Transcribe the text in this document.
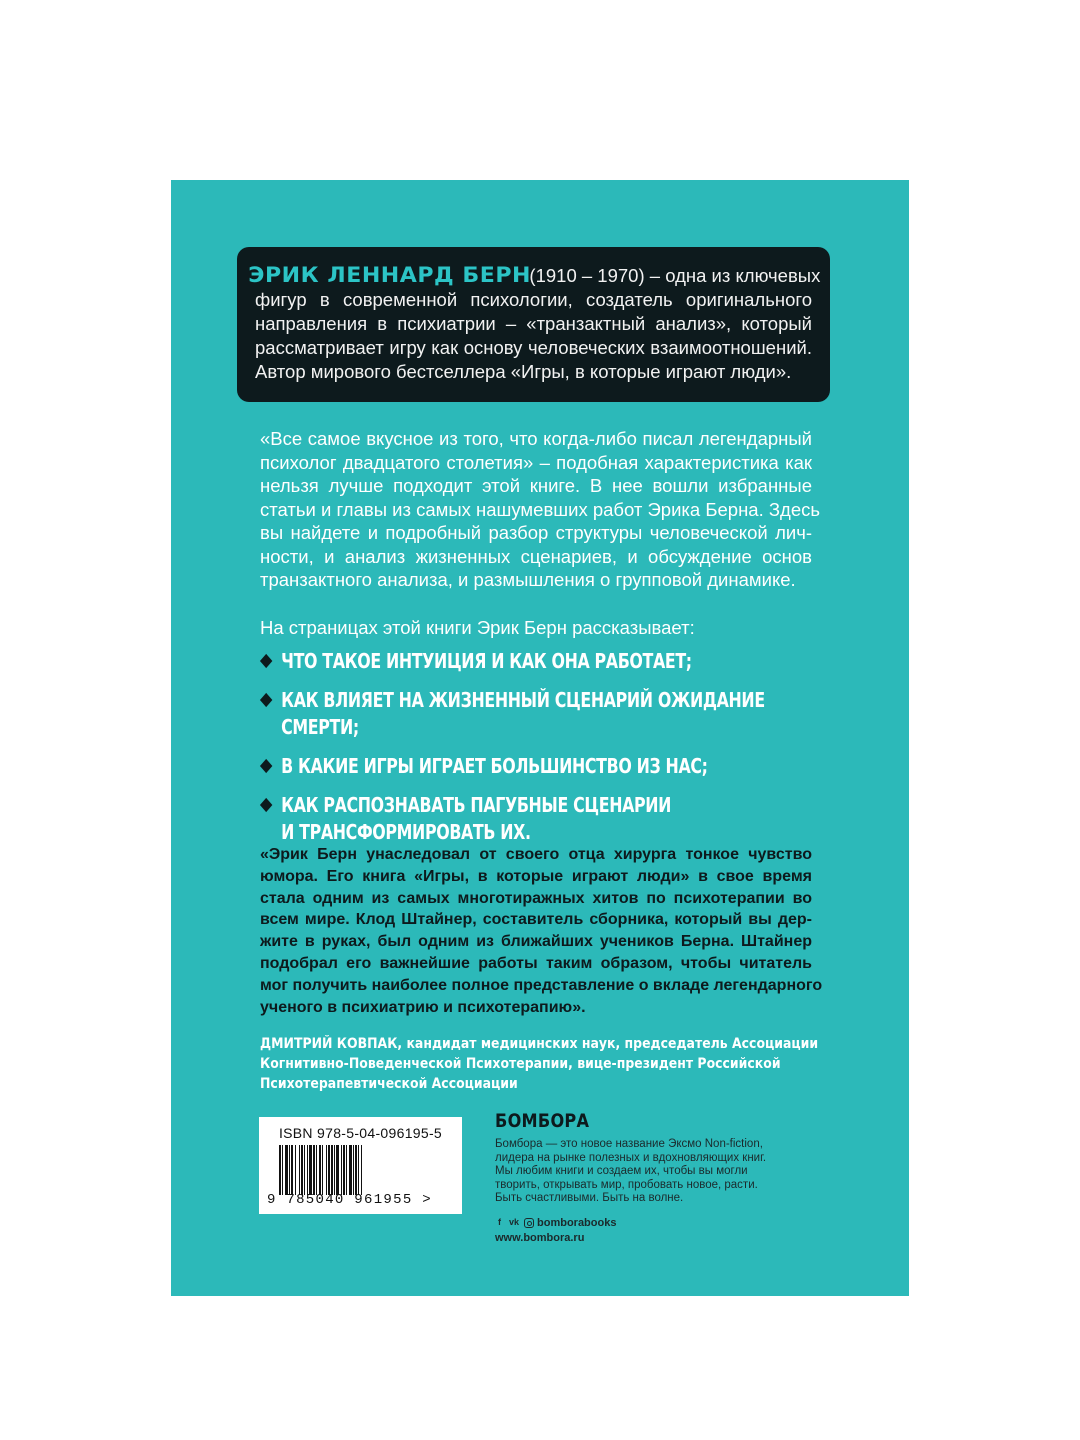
ЭРИК ЛЕННАРД БЕРН (1910 – 1970) – одна из ключевых
фигур в современной психологии, создатель оригинального
направления в психиатрии – «транзактный анализ», который
рассматривает игру как основу человеческих взаимоотношений.
Автор мирового бестселлера «Игры, в которые играют люди».
«Все самое вкусное из того, что когда-либо писал легендарный
психолог двадцатого столетия» – подобная характеристика как
нельзя лучше подходит этой книге. В нее вошли избранные
статьи и главы из самых нашумевших работ Эрика Берна. Здесь
вы найдете и подробный разбор структуры человеческой лич-
ности, и анализ жизненных сценариев, и обсуждение основ
транзактного анализа, и размышления о групповой динамике.
На страницах этой книги Эрик Берн рассказывает:
ЧТО ТАКОЕ ИНТУИЦИЯ И КАК ОНА РАБОТАЕТ;
КАК ВЛИЯЕТ НА ЖИЗНЕННЫЙ СЦЕНАРИЙ ОЖИДАНИЕ СМЕРТИ;
В КАКИЕ ИГРЫ ИГРАЕТ БОЛЬШИНСТВО ИЗ НАС;
КАК РАСПОЗНАВАТЬ ПАГУБНЫЕ СЦЕНАРИИ
И ТРАНСФОРМИРОВАТЬ ИХ.
«Эрик Берн унаследовал от своего отца хирурга тонкое чувство
юмора. Его книга «Игры, в которые играют люди» в свое время
стала одним из самых многотиражных хитов по психотерапии во
всем мире. Клод Штайнер, составитель сборника, который вы дер-
жите в руках, был одним из ближайших учеников Берна. Штайнер
подобрал его важнейшие работы таким образом, чтобы читатель
мог получить наиболее полное представление о вкладе легендарного
ученого в психиатрию и психотерапию».
ДМИТРИЙ КОВПАК, кандидат медицинских наук, председатель Ассоциации
Когнитивно-Поведенческой Психотерапии, вице-президент Российской
Психотерапевтической Ассоциации
ISBN 978-5-04-096195-5
9 785040 961955 >
БОМБОРА
Бомбора — это новое название Эксмо Non-fiction,
лидера на рынке полезных и вдохновляющих книг.
Мы любим книги и создаем их, чтобы вы могли
творить, открывать мир, пробовать новое, расти.
Быть счастливыми. Быть на волне.
f vk bomborabooks
www.bombora.ru
